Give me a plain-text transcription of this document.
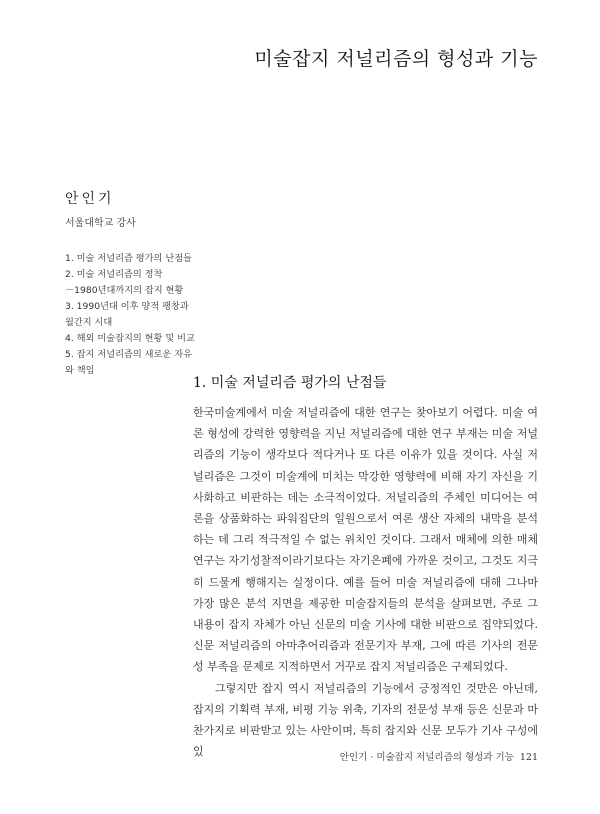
미술잡지 저널리즘의 형성과 기능
안인기
서울대학교 강사
1. 미술 저널리즘 평가의 난점들
2. 미술 저널리즘의 정착
－1980년대까지의 잡지 현황
3. 1990년대 이후 양적 팽창과
월간지 시대
4. 해외 미술잡지의 현황 및 비교
5. 잡지 저널리즘의 새로운 자유
와 책임
1. 미술 저널리즘 평가의 난점들

한국미술계에서 미술 저널리즘에 대한 연구는 찾아보기 어렵다. 미술 여론 형성에 강력한 영향력을 지닌 저널리즘에 대한 연구 부재는 미술 저널리즘의 기능이 생각보다 적다거나 또 다른 이유가 있을 것이다. 사실 저널리즘은 그것이 미술계에 미치는 막강한 영향력에 비해 자기 자신을 기사화하고 비판하는 데는 소극적이었다. 저널리즘의 주체인 미디어는 여론을 상품화하는 파워집단의 일원으로서 여론 생산 자체의 내막을 분석하는 데 그리 적극적일 수 없는 위치인 것이다. 그래서 매체에 의한 매체 연구는 자기성찰적이라기보다는 자기은폐에 가까운 것이고, 그것도 지극히 드물게 행해지는 실정이다. 예를 들어 미술 저널리즘에 대해 그나마 가장 많은 분석 지면을 제공한 미술잡지들의 분석을 살펴보면, 주로 그 내용이 잡지 자체가 아닌 신문의 미술 기사에 대한 비판으로 집약되었다. 신문 저널리즘의 아마추어리즘과 전문기자 부재, 그에 따른 기사의 전문성 부족을 문제로 지적하면서 거꾸로 잡지 저널리즘은 구제되었다.

그렇지만 잡지 역시 저널리즘의 기능에서 긍정적인 것만은 아닌데, 잡지의 기획력 부재, 비평 기능 위축, 기자의 전문성 부재 등은 신문과 마찬가지로 비판받고 있는 사안이며, 특히 잡지와 신문 모두가 기사 구성에 있	안인기 · 미술잡지 저널리즘의 형성과 기능 121
